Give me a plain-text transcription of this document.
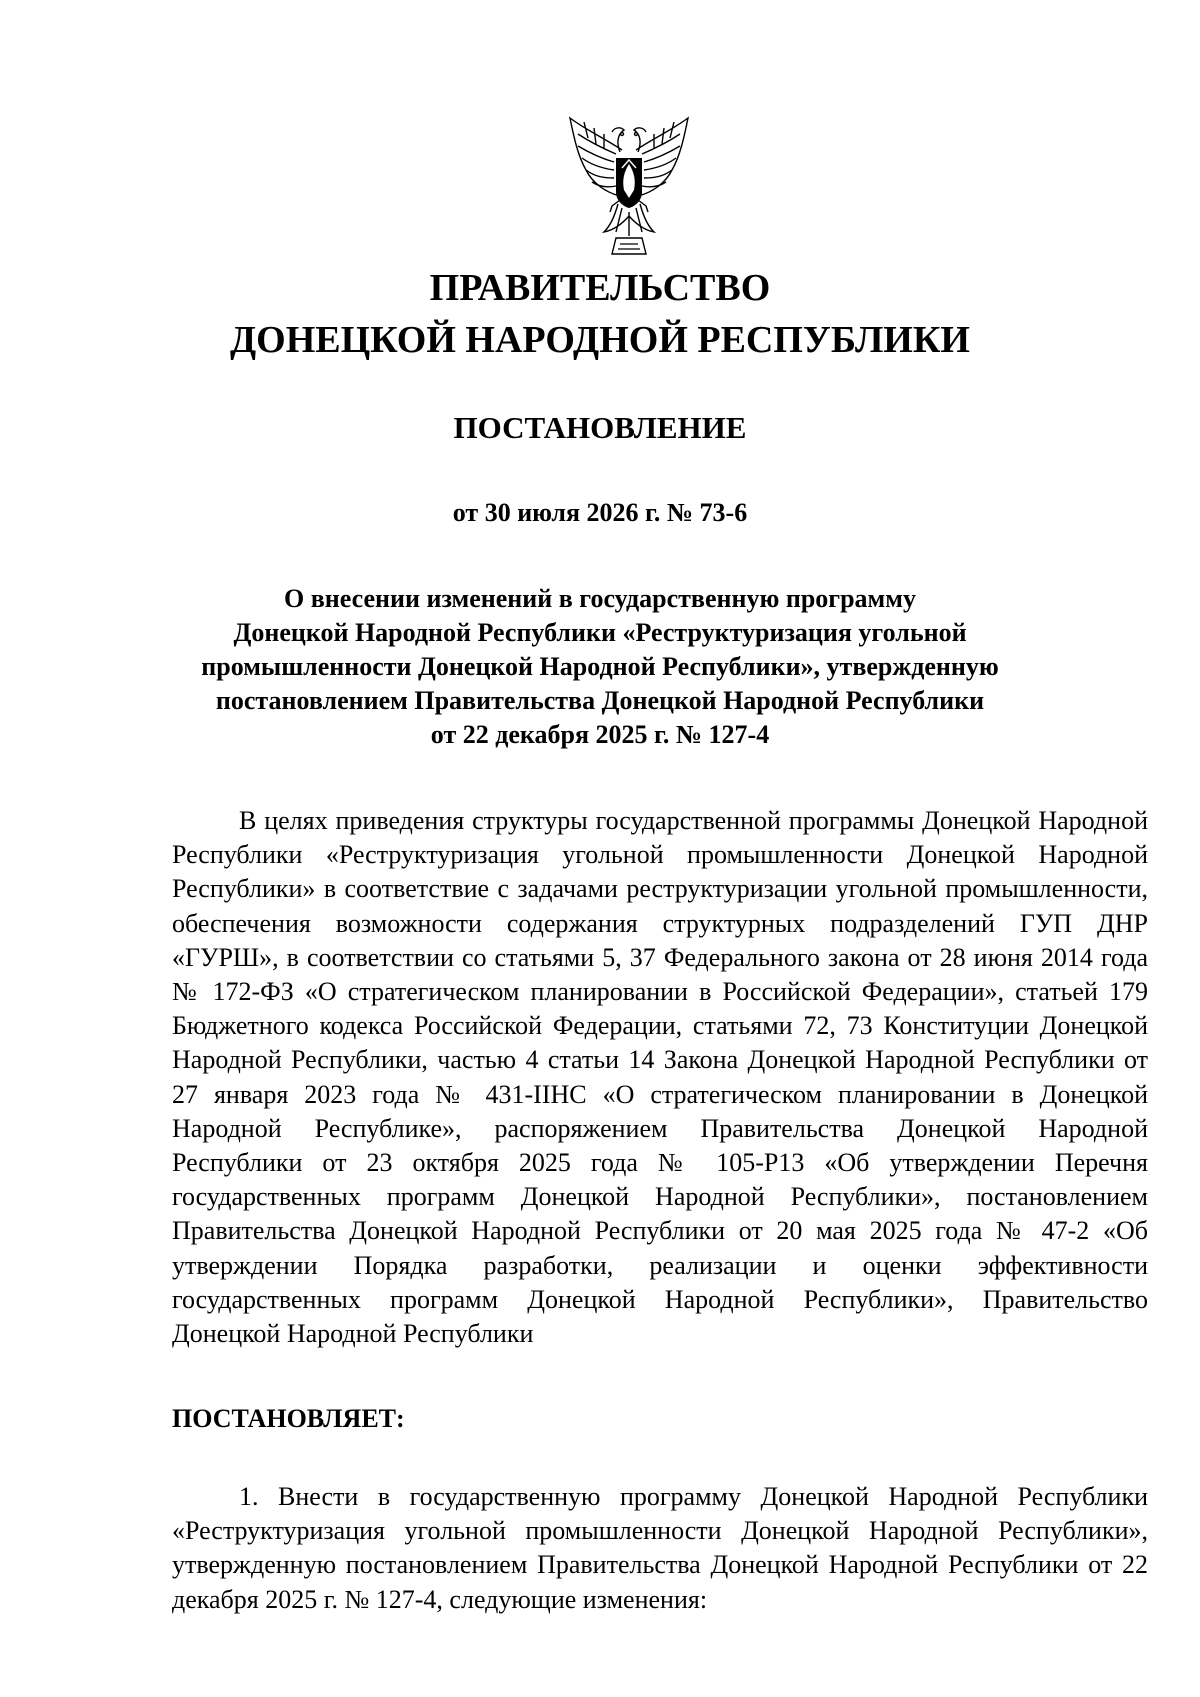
ПРАВИТЕЛЬСТВО
ДОНЕЦКОЙ НАРОДНОЙ РЕСПУБЛИКИ
ПОСТАНОВЛЕНИЕ
от 30 июля 2026 г. № 73-6
О внесении изменений в государственную программу
Донецкой Народной Республики «Реструктуризация угольной
промышленности Донецкой Народной Республики», утвержденную
постановлением Правительства Донецкой Народной Республики
от 22 декабря 2025 г. № 127-4
В целях приведения структуры государственной программы Донецкой Народной Республики «Реструктуризация угольной промышленности Донецкой Народной Республики» в соответствие с задачами реструктуризации угольной промышленности, обеспечения возможности содержания структурных подразделений ГУП ДНР «ГУРШ», в соответствии со статьями 5, 37 Федерального закона от 28 июня 2014 года № 172-ФЗ «О стратегическом планировании в Российской Федерации», статьей 179 Бюджетного кодекса Российской Федерации, статьями 72, 73 Конституции Донецкой Народной Республики, частью 4 статьи 14 Закона Донецкой Народной Республики от 27 января 2023 года № 431-IIНС «О стратегическом планировании в Донецкой Народной Республике», распоряжением Правительства Донецкой Народной Республики от 23 октября 2025 года № 105-Р13 «Об утверждении Перечня государственных программ Донецкой Народной Республики», постановлением Правительства Донецкой Народной Республики от 20 мая 2025 года № 47-2 «Об утверждении Порядка разработки, реализации и оценки эффективности государственных программ Донецкой Народной Республики», Правительство Донецкой Народной Республики
ПОСТАНОВЛЯЕТ:
1. Внести в государственную программу Донецкой Народной Республики «Реструктуризация угольной промышленности Донецкой Народной Республики», утвержденную постановлением Правительства Донецкой Народной Республики от 22 декабря 2025 г. № 127-4, следующие изменения:
